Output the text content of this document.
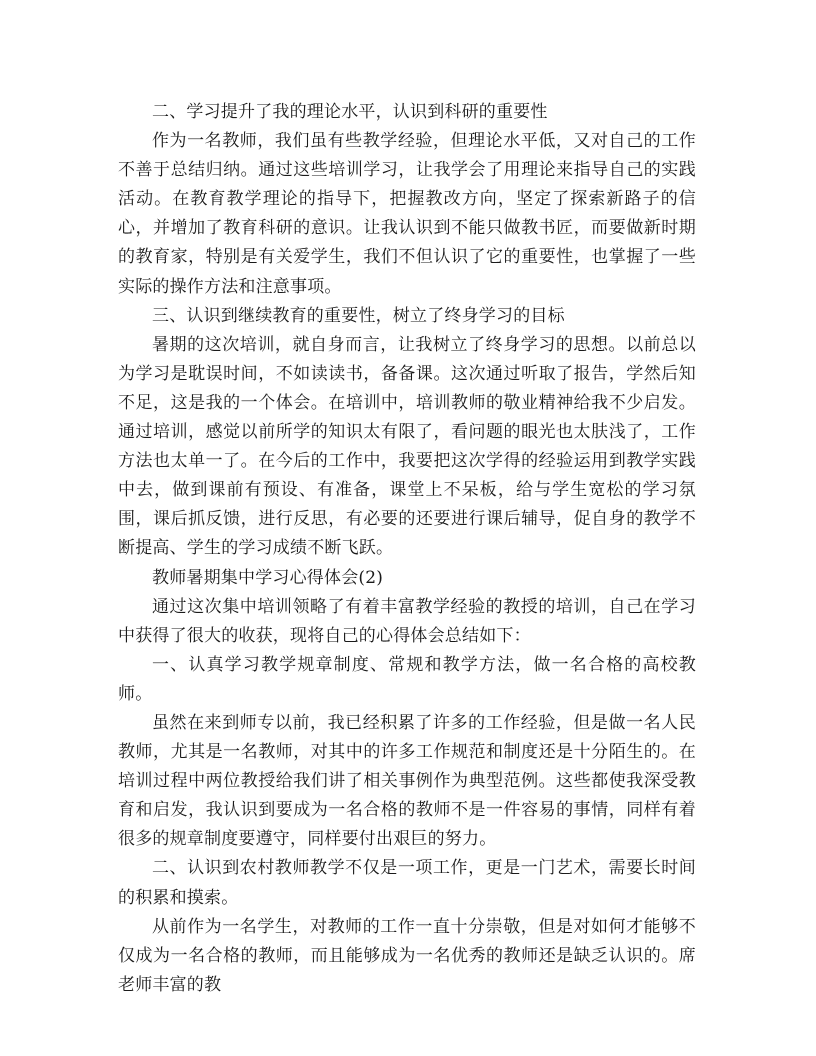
二、学习提升了我的理论水平，认识到科研的重要性

作为一名教师，我们虽有些教学经验，但理论水平低，又对自己的工作不善于总结归纳。通过这些培训学习，让我学会了用理论来指导自己的实践活动。在教育教学理论的指导下，把握教改方向，坚定了探索新路子的信心，并增加了教育科研的意识。让我认识到不能只做教书匠，而要做新时期的教育家，特别是有关爱学生，我们不但认识了它的重要性，也掌握了一些实际的操作方法和注意事项。

三、认识到继续教育的重要性，树立了终身学习的目标

暑期的这次培训，就自身而言，让我树立了终身学习的思想。以前总以为学习是耽误时间，不如读读书，备备课。这次通过听取了报告，学然后知不足，这是我的一个体会。在培训中，培训教师的敬业精神给我不少启发。通过培训，感觉以前所学的知识太有限了，看问题的眼光也太肤浅了，工作方法也太单一了。在今后的工作中，我要把这次学得的经验运用到教学实践中去，做到课前有预设、有准备，课堂上不呆板，给与学生宽松的学习氛围，课后抓反馈，进行反思，有必要的还要进行课后辅导，促自身的教学不断提高、学生的学习成绩不断飞跃。

教师暑期集中学习心得体会(2)

通过这次集中培训领略了有着丰富教学经验的教授的培训，自己在学习中获得了很大的收获，现将自己的心得体会总结如下：

一、认真学习教学规章制度、常规和教学方法，做一名合格的高校教师。

虽然在来到师专以前，我已经积累了许多的工作经验，但是做一名人民教师，尤其是一名教师，对其中的许多工作规范和制度还是十分陌生的。在培训过程中两位教授给我们讲了相关事例作为典型范例。这些都使我深受教育和启发，我认识到要成为一名合格的教师不是一件容易的事情，同样有着很多的规章制度要遵守，同样要付出艰巨的努力。

二、认识到农村教师教学不仅是一项工作，更是一门艺术，需要长时间的积累和摸索。

从前作为一名学生，对教师的工作一直十分崇敬，但是对如何才能够不仅成为一名合格的教师，而且能够成为一名优秀的教师还是缺乏认识的。席老师丰富的教
